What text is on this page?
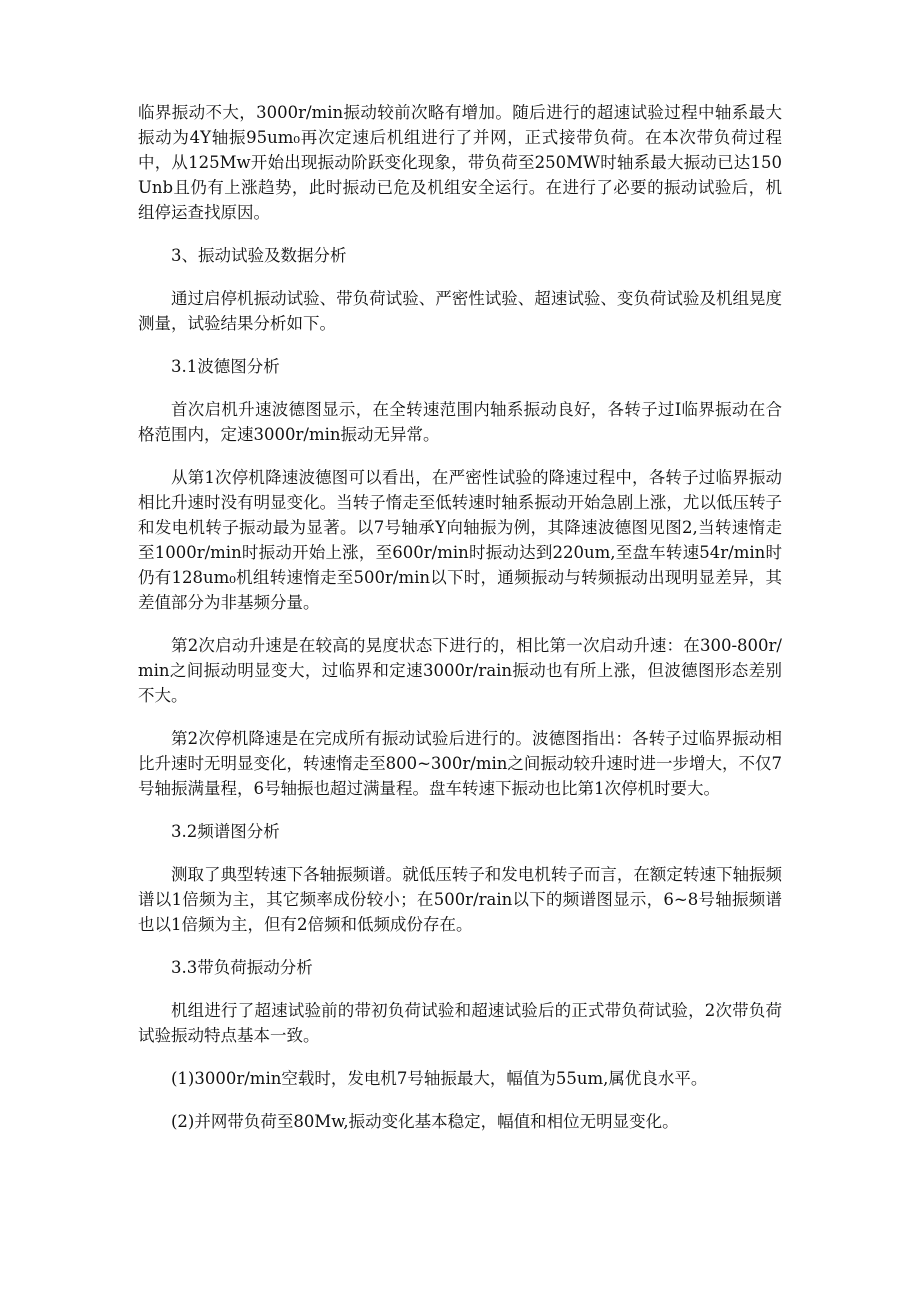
临界振动不大，3000r/min振动较前次略有增加。随后进行的超速试验过程中轴系最大振动为4Y轴振95um₀再次定速后机组进行了并网，正式接带负荷。在本次带负荷过程中，从125Mw开始出现振动阶跃变化现象，带负荷至250MW时轴系最大振动已达150Unb且仍有上涨趋势，此时振动已危及机组安全运行。在进行了必要的振动试验后，机组停运查找原因。

3、振动试验及数据分析

通过启停机振动试验、带负荷试验、严密性试验、超速试验、变负荷试验及机组晃度测量，试验结果分析如下。

3.1波德图分析

首次启机升速波德图显示，在全转速范围内轴系振动良好，各转子过I临界振动在合格范围内，定速3000r/min振动无异常。

从第1次停机降速波德图可以看出，在严密性试验的降速过程中，各转子过临界振动相比升速时没有明显变化。当转子惰走至低转速时轴系振动开始急剧上涨，尤以低压转子和发电机转子振动最为显著。以7号轴承Y向轴振为例，其降速波德图见图2,当转速惰走至1000r/min时振动开始上涨，至600r/min时振动达到220um,至盘车转速54r/min时仍有128um₀机组转速惰走至500r/min以下时，通频振动与转频振动出现明显差异，其差值部分为非基频分量。

第2次启动升速是在较高的晃度状态下进行的，相比第一次启动升速：在300-800r/min之间振动明显变大，过临界和定速3000r/rain振动也有所上涨，但波德图形态差别不大。

第2次停机降速是在完成所有振动试验后进行的。波德图指出：各转子过临界振动相比升速时无明显变化，转速惰走至800~300r/min之间振动较升速时进一步增大，不仅7号轴振满量程，6号轴振也超过满量程。盘车转速下振动也比第1次停机时要大。

3.2频谱图分析

测取了典型转速下各轴振频谱。就低压转子和发电机转子而言，在额定转速下轴振频谱以1倍频为主，其它频率成份较小；在500r/rain以下的频谱图显示，6~8号轴振频谱也以1倍频为主，但有2倍频和低频成份存在。

3.3带负荷振动分析

机组进行了超速试验前的带初负荷试验和超速试验后的正式带负荷试验，2次带负荷试验振动特点基本一致。

(1)3000r/min空载时，发电机7号轴振最大，幅值为55um,属优良水平。

(2)并网带负荷至80Mw,振动变化基本稳定，幅值和相位无明显变化。
